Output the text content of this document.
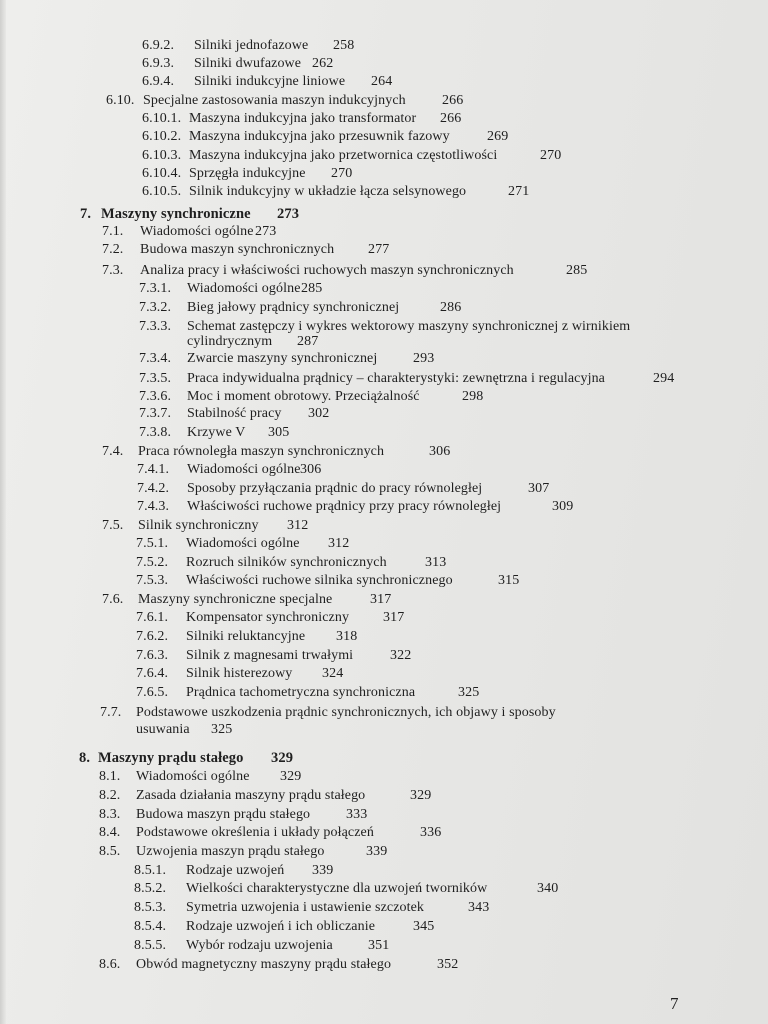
6.9.2. Silniki jednofazowe 258
6.9.3. Silniki dwufazowe 262
6.9.4. Silniki indukcyjne liniowe 264
6.10. Specjalne zastosowania maszyn indukcyjnych	266
6.10.1. Maszyna indukcyjna jako transformator 266
6.10.2. Maszyna indukcyjna jako przesuwnik fazowy	269
6.10.3. Maszyna indukcyjna jako przetwornica częstotliwości	270
6.10.4. Sprzęgła indukcyjne 270
6.10.5. Silnik indukcyjny w układzie łącza selsynowego	271
7. Maszyny synchroniczne 273
7.1. Wiadomości ogólne 273
7.2. Budowa maszyn synchronicznych 277
7.3. Analiza pracy i właściwości ruchowych maszyn synchronicznych	285
7.3.1. Wiadomości ogólne 285
7.3.2. Bieg jałowy prądnicy synchronicznej	286
7.3.3. Schemat zastępczy i wykres wektorowy maszyny synchronicznej z wirnikiem
cylindrycznym 287
7.3.4. Zwarcie maszyny synchronicznej	293
7.3.5. Praca indywidualna prądnicy – charakterystyki: zewnętrzna i regulacyjna	294
7.3.6. Moc i moment obrotowy. Przeciążalność	298
7.3.7. Stabilność pracy 302
7.3.8. Krzywe V 305
7.4. Praca równoległa maszyn synchronicznych	306
7.4.1. Wiadomości ogólne 306
7.4.2. Sposoby przyłączania prądnic do pracy równoległej	307
7.4.3. Właściwości ruchowe prądnicy przy pracy równoległej	309
7.5. Silnik synchroniczny 312
7.5.1. Wiadomości ogólne 312
7.5.2. Rozruch silników synchronicznych	313
7.5.3. Właściwości ruchowe silnika synchronicznego	315
7.6. Maszyny synchroniczne specjalne	317
7.6.1. Kompensator synchroniczny 317
7.6.2. Silniki reluktancyjne 318
7.6.3. Silnik z magnesami trwałymi	322
7.6.4. Silnik histerezowy 324
7.6.5. Prądnica tachometryczna synchroniczna	325
7.7. Podstawowe uszkodzenia prądnic synchronicznych, ich objawy i sposoby
usuwania 325
8. Maszyny prądu stałego 329
8.1. Wiadomości ogólne 329
8.2. Zasada działania maszyny prądu stałego	329
8.3. Budowa maszyn prądu stałego	333
8.4. Podstawowe określenia i układy połączeń	336
8.5. Uzwojenia maszyn prądu stałego	339
8.5.1. Rodzaje uzwojeń 339
8.5.2. Wielkości charakterystyczne dla uzwojeń tworników	340
8.5.3. Symetria uzwojenia i ustawienie szczotek	343
8.5.4. Rodzaje uzwojeń i ich obliczanie	345
8.5.5. Wybór rodzaju uzwojenia	351
8.6. Obwód magnetyczny maszyny prądu stałego	352
7
